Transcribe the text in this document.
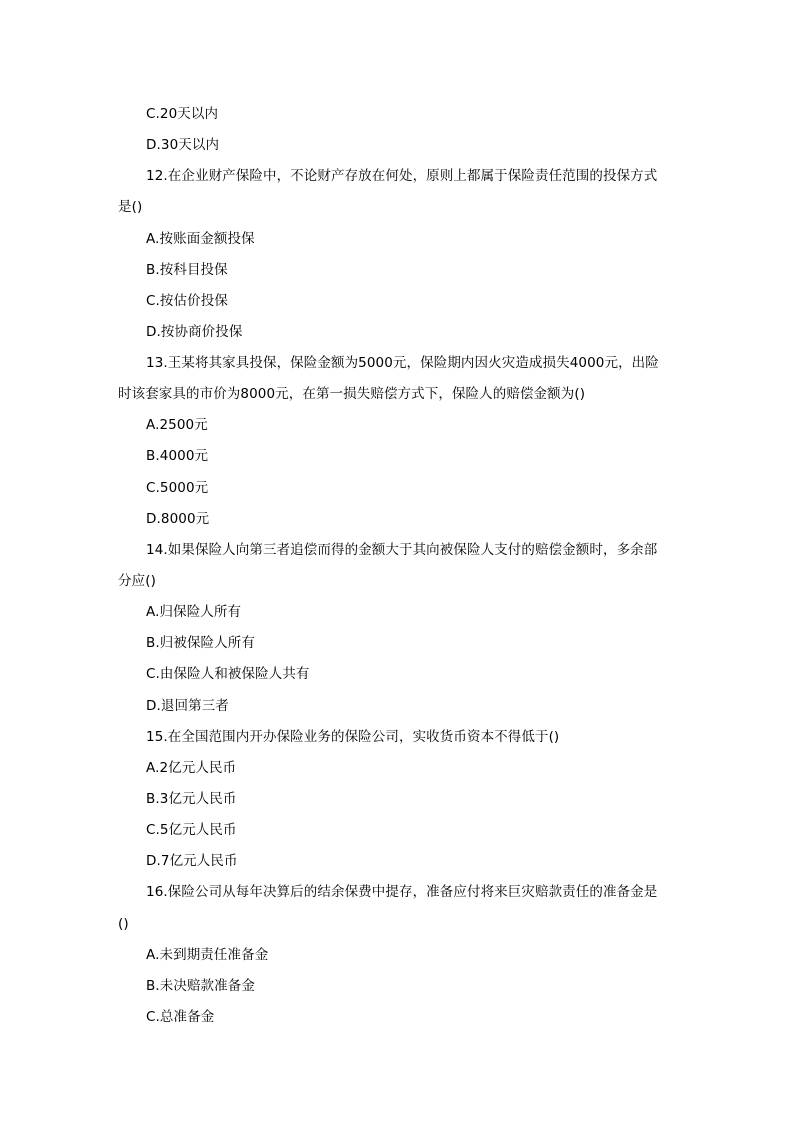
C.20天以内
D.30天以内
12.在企业财产保险中，不论财产存放在何处，原则上都属于保险责任范围的投保方式
是()
A.按账面金额投保
B.按科目投保
C.按估价投保
D.按协商价投保
13.王某将其家具投保，保险金额为5000元，保险期内因火灾造成损失4000元，出险
时该套家具的市价为8000元，在第一损失赔偿方式下，保险人的赔偿金额为()
A.2500元
B.4000元
C.5000元
D.8000元
14.如果保险人向第三者追偿而得的金额大于其向被保险人支付的赔偿金额时，多余部
分应()
A.归保险人所有
B.归被保险人所有
C.由保险人和被保险人共有
D.退回第三者
15.在全国范围内开办保险业务的保险公司，实收货币资本不得低于()
A.2亿元人民币
B.3亿元人民币
C.5亿元人民币
D.7亿元人民币
16.保险公司从每年决算后的结余保费中提存，准备应付将来巨灾赔款责任的准备金是
()
A.未到期责任准备金
B.未决赔款准备金
C.总准备金
